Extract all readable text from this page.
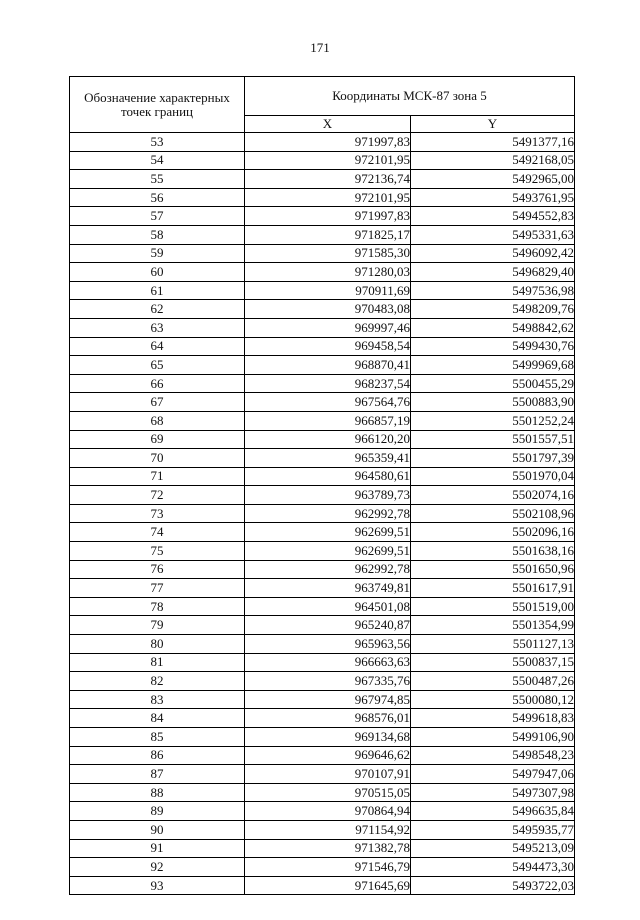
171
Обозначение характерных точек границ	Координаты МСК-87 зона 5	
	X	Y
53	971997,83	5491377,16
54	972101,95	5492168,05
55	972136,74	5492965,00
56	972101,95	5493761,95
57	971997,83	5494552,83
58	971825,17	5495331,63
59	971585,30	5496092,42
60	971280,03	5496829,40
61	970911,69	5497536,98
62	970483,08	5498209,76
63	969997,46	5498842,62
64	969458,54	5499430,76
65	968870,41	5499969,68
66	968237,54	5500455,29
67	967564,76	5500883,90
68	966857,19	5501252,24
69	966120,20	5501557,51
70	965359,41	5501797,39
71	964580,61	5501970,04
72	963789,73	5502074,16
73	962992,78	5502108,96
74	962699,51	5502096,16
75	962699,51	5501638,16
76	962992,78	5501650,96
77	963749,81	5501617,91
78	964501,08	5501519,00
79	965240,87	5501354,99
80	965963,56	5501127,13
81	966663,63	5500837,15
82	967335,76	5500487,26
83	967974,85	5500080,12
84	968576,01	5499618,83
85	969134,68	5499106,90
86	969646,62	5498548,23
87	970107,91	5497947,06
88	970515,05	5497307,98
89	970864,94	5496635,84
90	971154,92	5495935,77
91	971382,78	5495213,09
92	971546,79	5494473,30
93	971645,69	5493722,03
